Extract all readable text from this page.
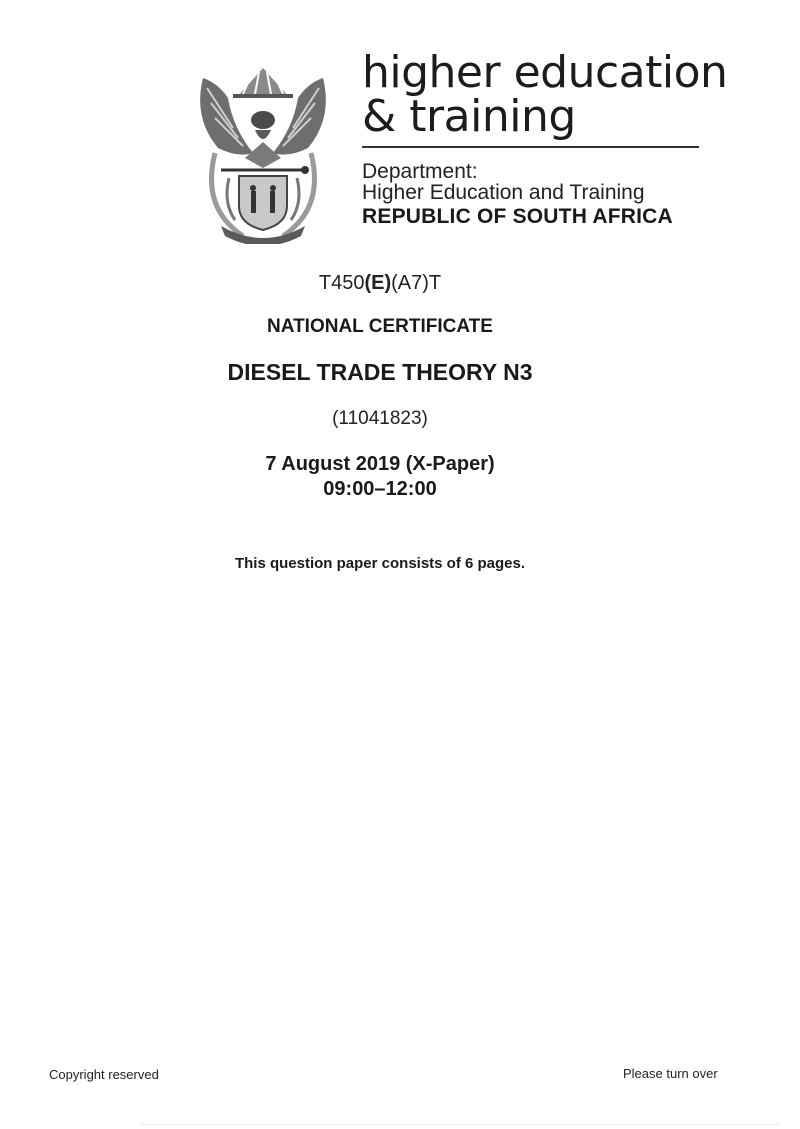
higher education
& training
Department:
Higher Education and Training
REPUBLIC OF SOUTH AFRICA
T450(E)(A7)T
NATIONAL CERTIFICATE
DIESEL TRADE THEORY N3
(11041823)
7 August 2019 (X-Paper)
09:00–12:00
This question paper consists of 6 pages.
Copyright reserved	Please turn over
